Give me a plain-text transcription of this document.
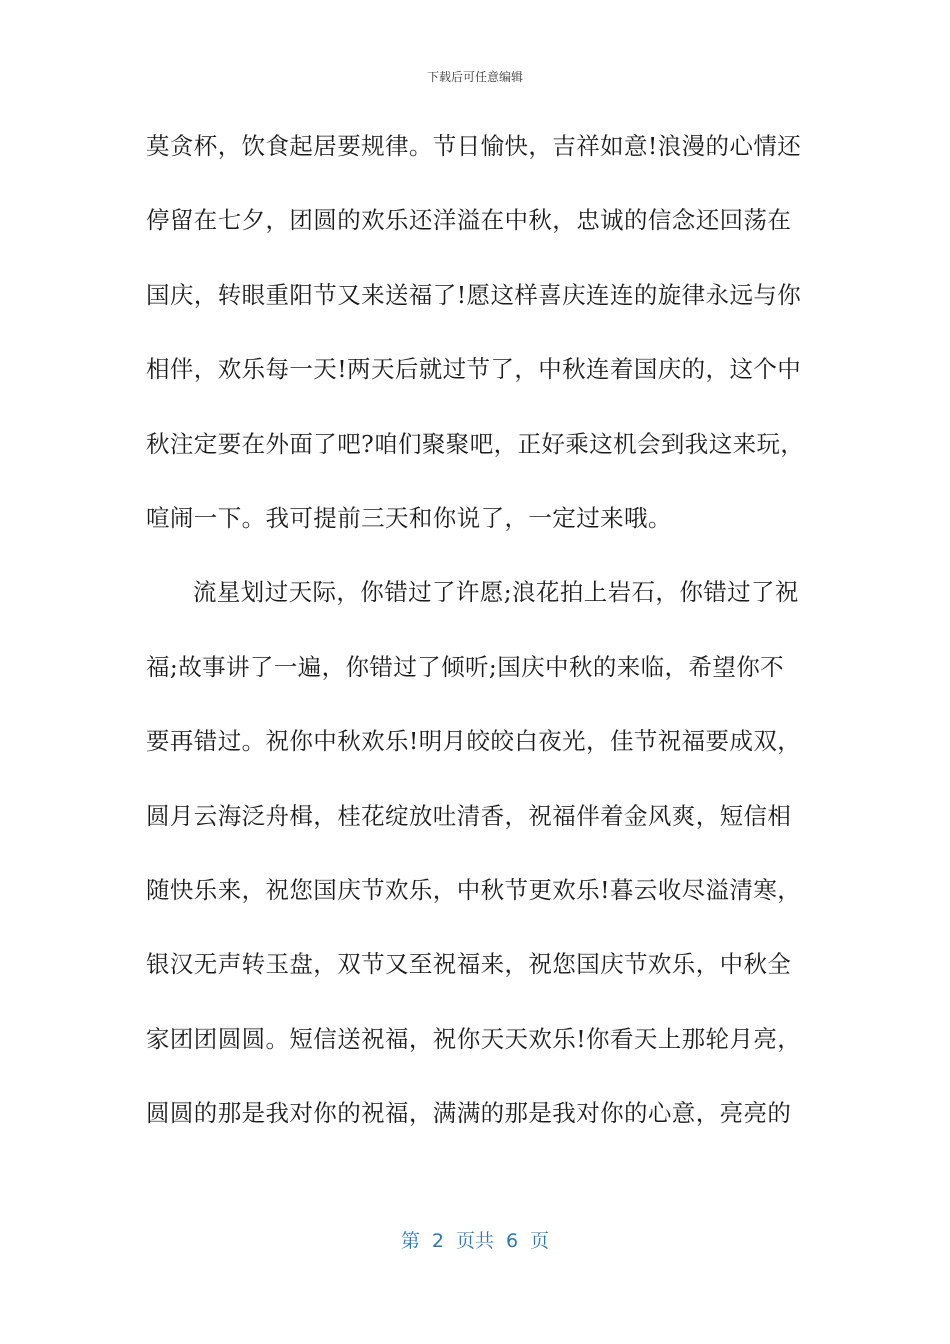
下载后可任意编辑
莫贪杯，饮食起居要规律。节日愉快，吉祥如意!浪漫的心情还
停留在七夕，团圆的欢乐还洋溢在中秋，忠诚的信念还回荡在
国庆，转眼重阳节又来送福了!愿这样喜庆连连的旋律永远与你
相伴，欢乐每一天!两天后就过节了，中秋连着国庆的，这个中
秋注定要在外面了吧?咱们聚聚吧，正好乘这机会到我这来玩，
喧闹一下。我可提前三天和你说了，一定过来哦。
流星划过天际，你错过了许愿;浪花拍上岩石，你错过了祝
福;故事讲了一遍，你错过了倾听;国庆中秋的来临，希望你不
要再错过。祝你中秋欢乐!明月皎皎白夜光，佳节祝福要成双，
圆月云海泛舟楫，桂花绽放吐清香，祝福伴着金风爽，短信相
随快乐来，祝您国庆节欢乐，中秋节更欢乐!暮云收尽溢清寒，
银汉无声转玉盘，双节又至祝福来，祝您国庆节欢乐，中秋全
家团团圆圆。短信送祝福，祝你天天欢乐!你看天上那轮月亮，
圆圆的那是我对你的祝福，满满的那是我对你的心意，亮亮的
第 2 页共 6 页
